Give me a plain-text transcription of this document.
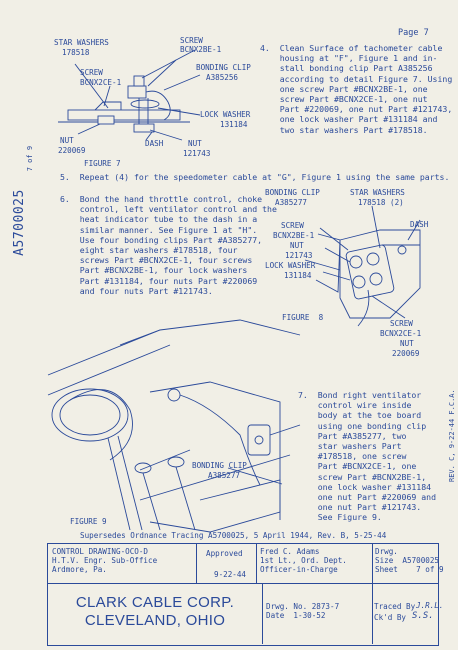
Page 7
A5700025
7 of 9
REV. C, 9-22-44 F.C.A.
STAR WASHERS
178518
SCREW
BCNX2CE-1
SCREW
BCNX2BE-1
BONDING CLIP
A385256
LOCK WASHER
131184
NUT
220069
DASH	NUT
121743
FIGURE 7
4.  Clean Surface of tachometer cable
housing at "F", Figure 1 and in-
stall bonding clip Part A385256
according to detail Figure 7. Using
one screw Part #BCNX2BE-1, one
screw Part #BCNX2CE-1, one nut
Part #220069, one nut Part #121743,
one lock washer Part #131184 and
two star washers Part #178518.
5.  Repeat (4) for the speedometer cable at "G", Figure 1 using the same parts.
6.  Bond the hand throttle control, choke
control, left ventilator control and the
heat indicator tube to the dash in a
similar manner. See Figure 1 at "H".
Use four bonding clips Part #A385277,
eight star washers #178518, four
screws Part #BCNX2CE-1, four screws
Part #BCNX2BE-1, four lock washers
Part #131184, four nuts Part #220069
and four nuts Part #121743.
BONDING CLIP
A385277
STAR WASHERS
178518 (2)
SCREW
BCNX2BE-1
NUT
121743
LOCK WASHER
131184
DASH
FIGURE  8
SCREW
BCNX2CE-1
NUT
220069
7.  Bond right ventilator
control wire inside
body at the toe board
using one bonding clip
Part #A385277, two
star washers Part
#178518, one screw
Part #BCNX2CE-1, one
screw Part #BCNX2BE-1,
one lock washer #131184
one nut Part #220069 and
one nut Part #121743.
See Figure 9.
BONDING CLIP
A385277
FIGURE 9
Supersedes Ordnance Tracing A5700025, 5 April 1944, Rev. B, 5-25-44
CONTROL DRAWING-OCO-D
H.T.V. Engr. Sub-Office
Ardmore, Pa.
Approved
9-22-44
Fred C. Adams
1st Lt., Ord. Dept.
Officer-in-Charge
Drwg.
Size  A5700025
Sheet    7 of 9
CLARK CABLE CORP.
CLEVELAND, OHIO
Drwg. No. 2873-7
Date  1-30-52
Traced By J.R.L.
Ck'd By S.S.
